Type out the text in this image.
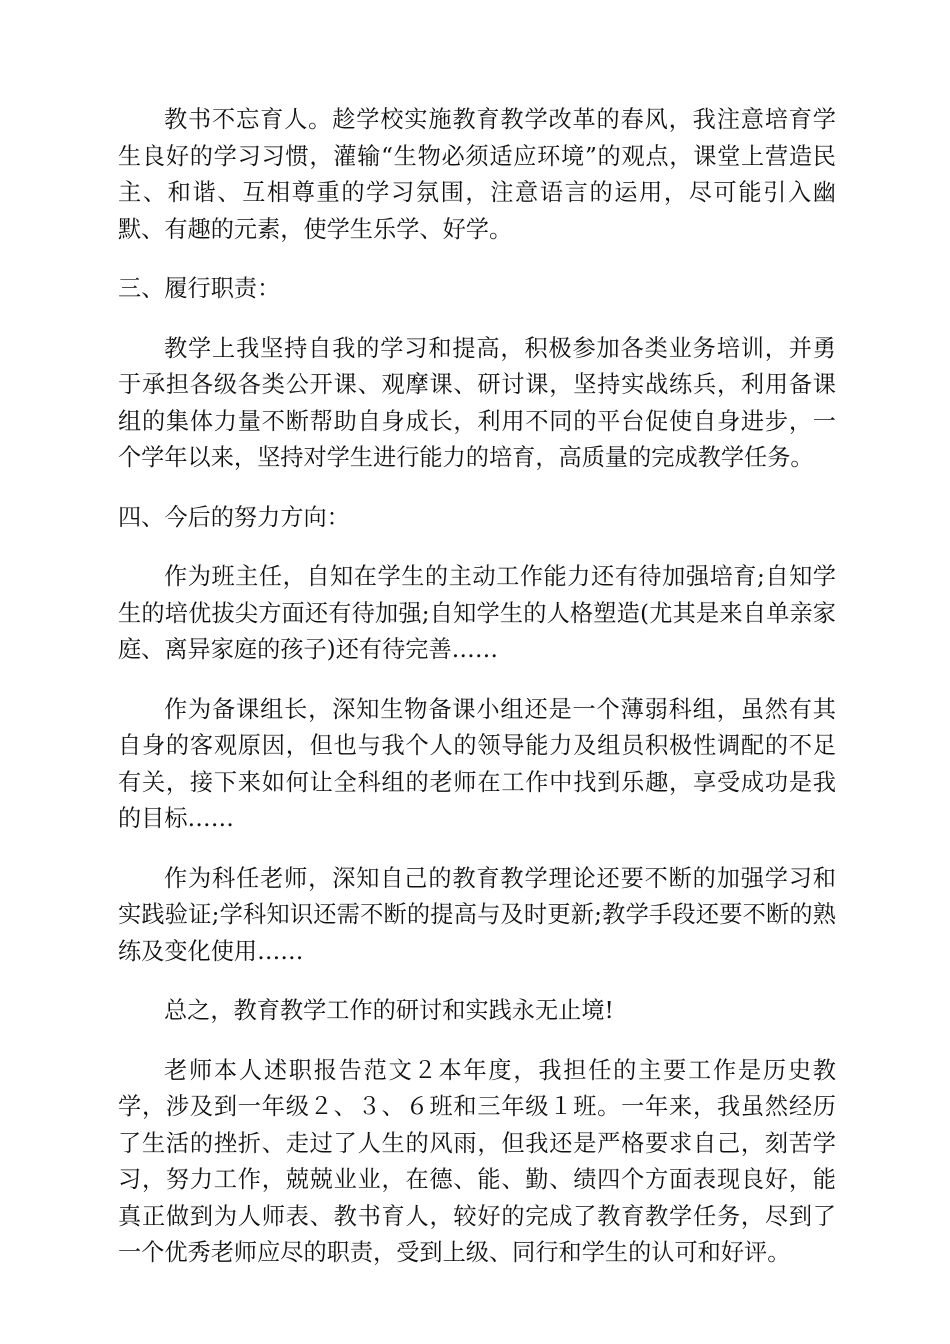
教书不忘育人。趁学校实施教育教学改革的春风，我注意培育学生良好的学习习惯，灌输“生物必须适应环境”的观点，课堂上营造民主、和谐、互相尊重的学习氛围，注意语言的运用，尽可能引入幽默、有趣的元素，使学生乐学、好学。

三、履行职责：

教学上我坚持自我的学习和提高，积极参加各类业务培训，并勇于承担各级各类公开课、观摩课、研讨课，坚持实战练兵，利用备课组的集体力量不断帮助自身成长，利用不同的平台促使自身进步，一个学年以来，坚持对学生进行能力的培育，高质量的完成教学任务。

四、今后的努力方向：

作为班主任，自知在学生的主动工作能力还有待加强培育;自知学生的培优拔尖方面还有待加强;自知学生的人格塑造(尤其是来自单亲家庭、离异家庭的孩子)还有待完善……

作为备课组长，深知生物备课小组还是一个薄弱科组，虽然有其自身的客观原因，但也与我个人的领导能力及组员积极性调配的不足有关，接下来如何让全科组的老师在工作中找到乐趣，享受成功是我的目标……

作为科任老师，深知自己的教育教学理论还要不断的加强学习和实践验证;学科知识还需不断的提高与及时更新;教学手段还要不断的熟练及变化使用……

总之，教育教学工作的研讨和实践永无止境!

老师本人述职报告范文２本年度，我担任的主要工作是历史教学，涉及到一年级２、３、６班和三年级１班。一年来，我虽然经历了生活的挫折、走过了人生的风雨，但我还是严格要求自己，刻苦学习，努力工作，兢兢业业，在德、能、勤、绩四个方面表现良好，能真正做到为人师表、教书育人，较好的完成了教育教学任务，尽到了一个优秀老师应尽的职责，受到上级、同行和学生的认可和好评。
